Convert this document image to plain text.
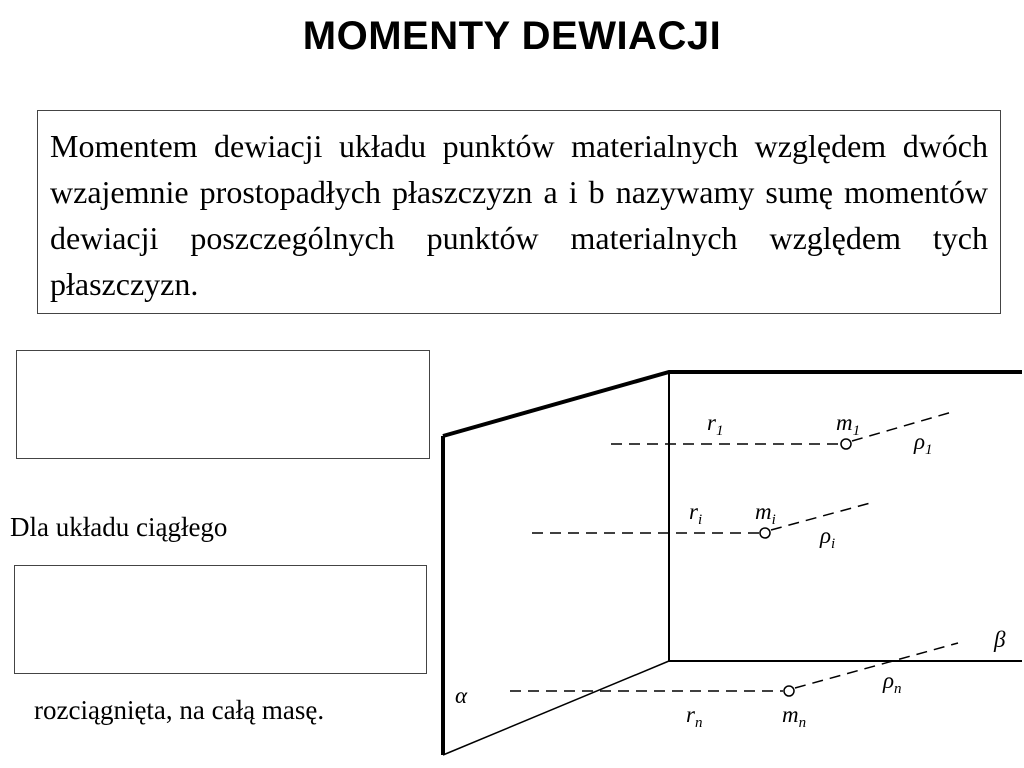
MOMENTY DEWIACJI

Momentem dewiacji układu punktów materialnych względem dwóch wzajemnie prostopadłych płaszczyzn a i b nazywamy sumę momentów dewiacji poszczególnych punktów materialnych względem tych płaszczyzn.

Dla układu ciągłego
rozciągnięta, na całą masę.	α
β
$r_1$	$m_1$ $\rho_1$
$r_i$ $m_i$
$\rho_i$
$r_n$	$m_n$
$\rho_n$
